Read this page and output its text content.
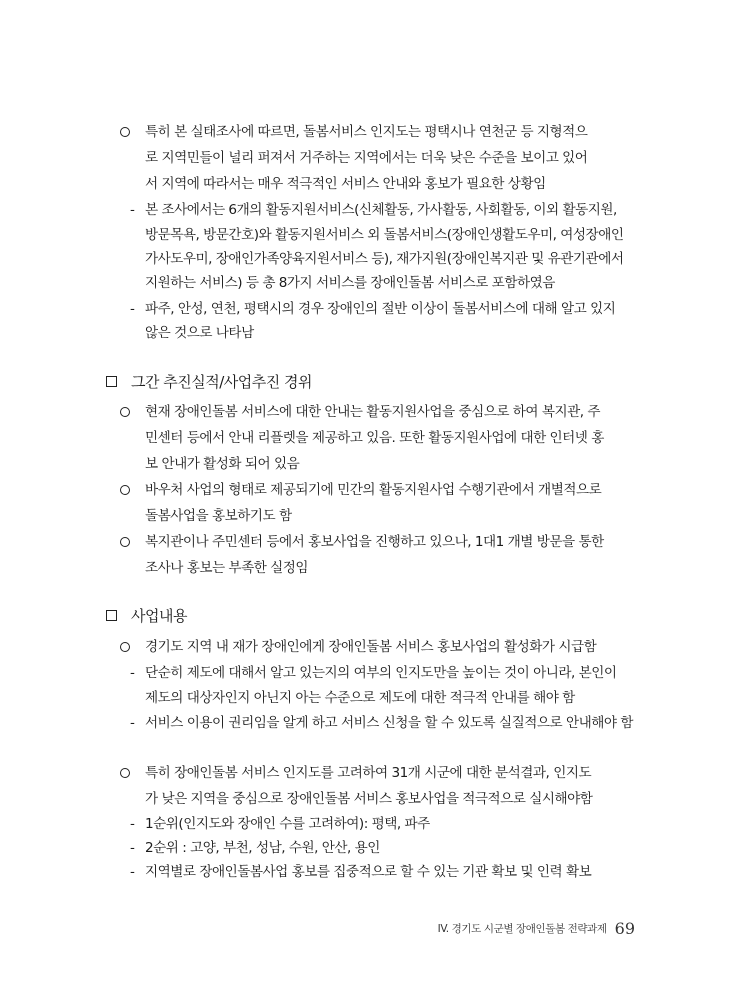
특히 본 실태조사에 따르면, 돌봄서비스 인지도는 평택시나 연천군 등 지형적으
로 지역민들이 널리 퍼져서 거주하는 지역에서는 더욱 낮은 수준을 보이고 있어
서 지역에 따라서는 매우 적극적인 서비스 안내와 홍보가 필요한 상황임
- 본 조사에서는 6개의 활동지원서비스(신체활동, 가사활동, 사회활동, 이외 활동지원,
방문목욕, 방문간호)와 활동지원서비스 외 돌봄서비스(장애인생활도우미, 여성장애인
가사도우미, 장애인가족양육지원서비스 등), 재가지원(장애인복지관 및 유관기관에서
지원하는 서비스) 등 총 8가지 서비스를 장애인돌봄 서비스로 포함하였음
- 파주, 안성, 연천, 평택시의 경우 장애인의 절반 이상이 돌봄서비스에 대해 알고 있지
않은 것으로 나타남
그간 추진실적/사업추진 경위
현재 장애인돌봄 서비스에 대한 안내는 활동지원사업을 중심으로 하여 복지관, 주
민센터 등에서 안내 리플렛을 제공하고 있음. 또한 활동지원사업에 대한 인터넷 홍
보 안내가 활성화 되어 있음
바우처 사업의 형태로 제공되기에 민간의 활동지원사업 수행기관에서 개별적으로
돌봄사업을 홍보하기도 함
복지관이나 주민센터 등에서 홍보사업을 진행하고 있으나, 1대1 개별 방문을 통한
조사나 홍보는 부족한 실정임
사업내용
경기도 지역 내 재가 장애인에게 장애인돌봄 서비스 홍보사업의 활성화가 시급함
- 단순히 제도에 대해서 알고 있는지의 여부의 인지도만을 높이는 것이 아니라, 본인이
제도의 대상자인지 아닌지 아는 수준으로 제도에 대한 적극적 안내를 해야 함
- 서비스 이용이 권리임을 알게 하고 서비스 신청을 할 수 있도록 실질적으로 안내해야 함
특히 장애인돌봄 서비스 인지도를 고려하여 31개 시군에 대한 분석결과, 인지도
가 낮은 지역을 중심으로 장애인돌봄 서비스 홍보사업을 적극적으로 실시해야함
- 1순위(인지도와 장애인 수를 고려하여): 평택, 파주
- 2순위 : 고양, 부천, 성남, 수원, 안산, 용인
- 지역별로 장애인돌봄사업 홍보를 집중적으로 할 수 있는 기관 확보 및 인력 확보
IV. 경기도 시군별 장애인돌봄 전략과제 69
